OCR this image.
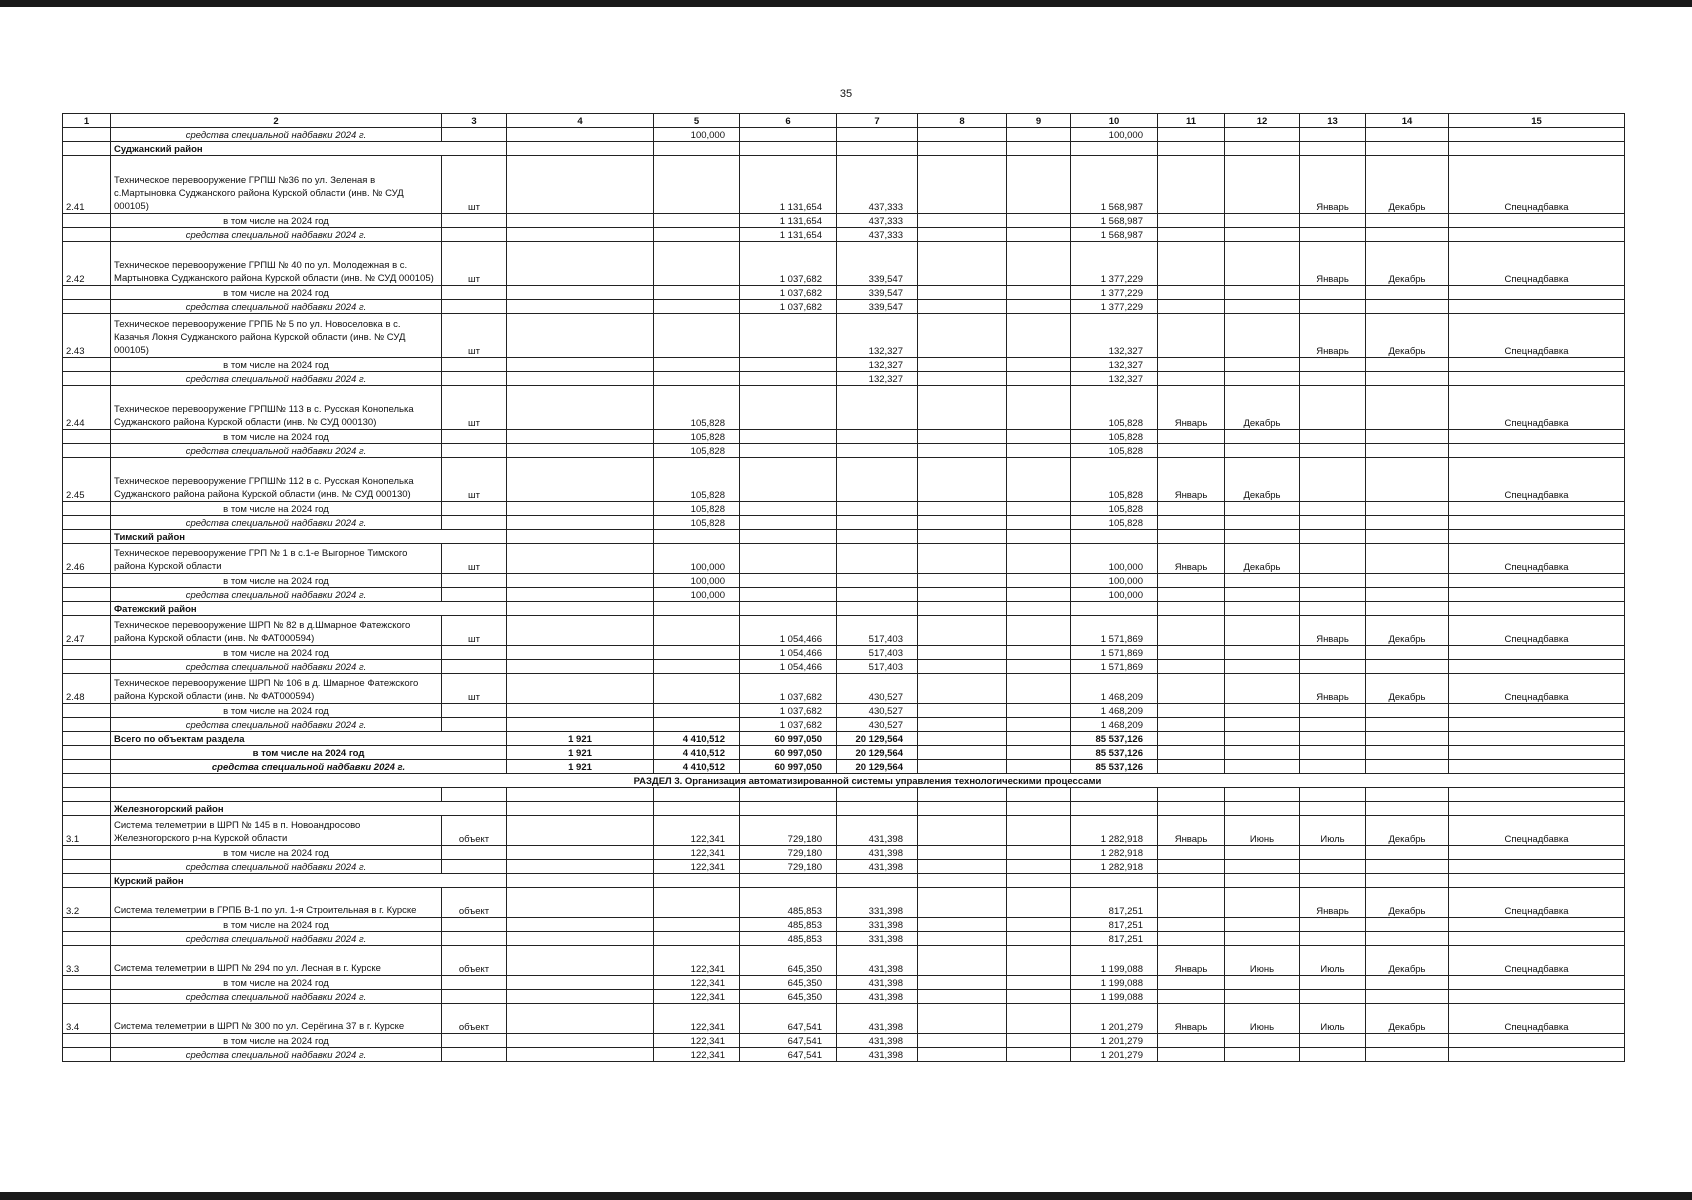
35
1	2	3	4	5	6	7	8	9	10	11	12	13	14	15
	средства специальной надбавки 2024 г.			100,000					100,000					
	Суджанский район													
2.41	Техническое перевооружение ГРПШ №36 по ул. Зеленая в с.Мартыновка Суджанского района Курской области (инв. № СУД 000105)	шт			1 131,654	437,333			1 568,987			Январь	Декабрь	Спецнадбавка
	в том числе на 2024 год				1 131,654	437,333			1 568,987					
	средства специальной надбавки 2024 г.				1 131,654	437,333			1 568,987					
2.42	Техническое перевооружение ГРПШ № 40 по ул. Молодежная в с. Мартыновка Суджанского района Курской области (инв. № СУД 000105)	шт			1 037,682	339,547			1 377,229			Январь	Декабрь	Спецнадбавка
	в том числе на 2024 год				1 037,682	339,547			1 377,229					
	средства специальной надбавки 2024 г.				1 037,682	339,547			1 377,229					
2.43	Техническое перевооружение ГРПБ № 5 по ул. Новоселовка в с. Казачья Локня Суджанского района Курской области (инв. № СУД 000105)	шт				132,327			132,327			Январь	Декабрь	Спецнадбавка
	в том числе на 2024 год					132,327			132,327					
	средства специальной надбавки 2024 г.					132,327			132,327					
2.44	Техническое перевооружение ГРПШ№ 113 в с. Русская Конопелька Суджанского района Курской области (инв. № СУД 000130)	шт		105,828					105,828	Январь	Декабрь			Спецнадбавка
	в том числе на 2024 год			105,828					105,828					
	средства специальной надбавки 2024 г.			105,828					105,828					
2.45	Техническое перевооружение ГРПШ№ 112 в с. Русская Конопелька Суджанского района района Курской области (инв. № СУД 000130)	шт		105,828					105,828	Январь	Декабрь			Спецнадбавка
	в том числе на 2024 год			105,828					105,828					
	средства специальной надбавки 2024 г.			105,828					105,828					
	Тимский район													
2.46	Техническое перевооружение ГРП № 1 в с.1-е Выгорное Тимского района Курской области	шт		100,000					100,000	Январь	Декабрь			Спецнадбавка
	в том числе на 2024 год			100,000					100,000					
	средства специальной надбавки 2024 г.			100,000					100,000					
	Фатежский район													
2.47	Техническое перевооружение ШРП № 82 в д.Шмарное Фатежского района Курской области (инв. № ФАТ000594)	шт			1 054,466	517,403			1 571,869			Январь	Декабрь	Спецнадбавка
	в том числе на 2024 год				1 054,466	517,403			1 571,869					
	средства специальной надбавки 2024 г.				1 054,466	517,403			1 571,869					
2.48	Техническое перевооружение ШРП № 106 в д. Шмарное Фатежского района Курской области (инв. № ФАТ000594)	шт			1 037,682	430,527			1 468,209			Январь	Декабрь	Спецнадбавка
	в том числе на 2024 год				1 037,682	430,527			1 468,209					
	средства специальной надбавки 2024 г.				1 037,682	430,527			1 468,209					
	Всего по объектам раздела		1 921	4 410,512	60 997,050	20 129,564			85 537,126					
	в том числе на 2024 год		1 921	4 410,512	60 997,050	20 129,564			85 537,126					
	средства специальной надбавки 2024 г.		1 921	4 410,512	60 997,050	20 129,564			85 537,126					
	РАЗДЕЛ 3. Организация автоматизированной системы управления технологическими процессами													

	Железногорский район													
3.1	Система телеметрии в ШРП № 145 в п. Новоандросово Железногорского р-на Курской области	объект		122,341	729,180	431,398			1 282,918	Январь	Июнь	Июль	Декабрь	Спецнадбавка
	в том числе на 2024 год			122,341	729,180	431,398			1 282,918					
	средства специальной надбавки 2024 г.			122,341	729,180	431,398			1 282,918					
	Курский район													
3.2	Система телеметрии в ГРПБ В-1 по ул. 1-я Строительная в г. Курске	объект			485,853	331,398			817,251			Январь	Декабрь	Спецнадбавка
	в том числе на 2024 год				485,853	331,398			817,251					
	средства специальной надбавки 2024 г.				485,853	331,398			817,251					
3.3	Система телеметрии в ШРП № 294 по ул. Лесная в г. Курске	объект		122,341	645,350	431,398			1 199,088	Январь	Июнь	Июль	Декабрь	Спецнадбавка
	в том числе на 2024 год			122,341	645,350	431,398			1 199,088					
	средства специальной надбавки 2024 г.			122,341	645,350	431,398			1 199,088					
3.4	Система телеметрии в ШРП № 300 по ул. Серёгина 37 в г. Курске	объект		122,341	647,541	431,398			1 201,279	Январь	Июнь	Июль	Декабрь	Спецнадбавка
	в том числе на 2024 год			122,341	647,541	431,398			1 201,279					
	средства специальной надбавки 2024 г.			122,341	647,541	431,398			1 201,279					
